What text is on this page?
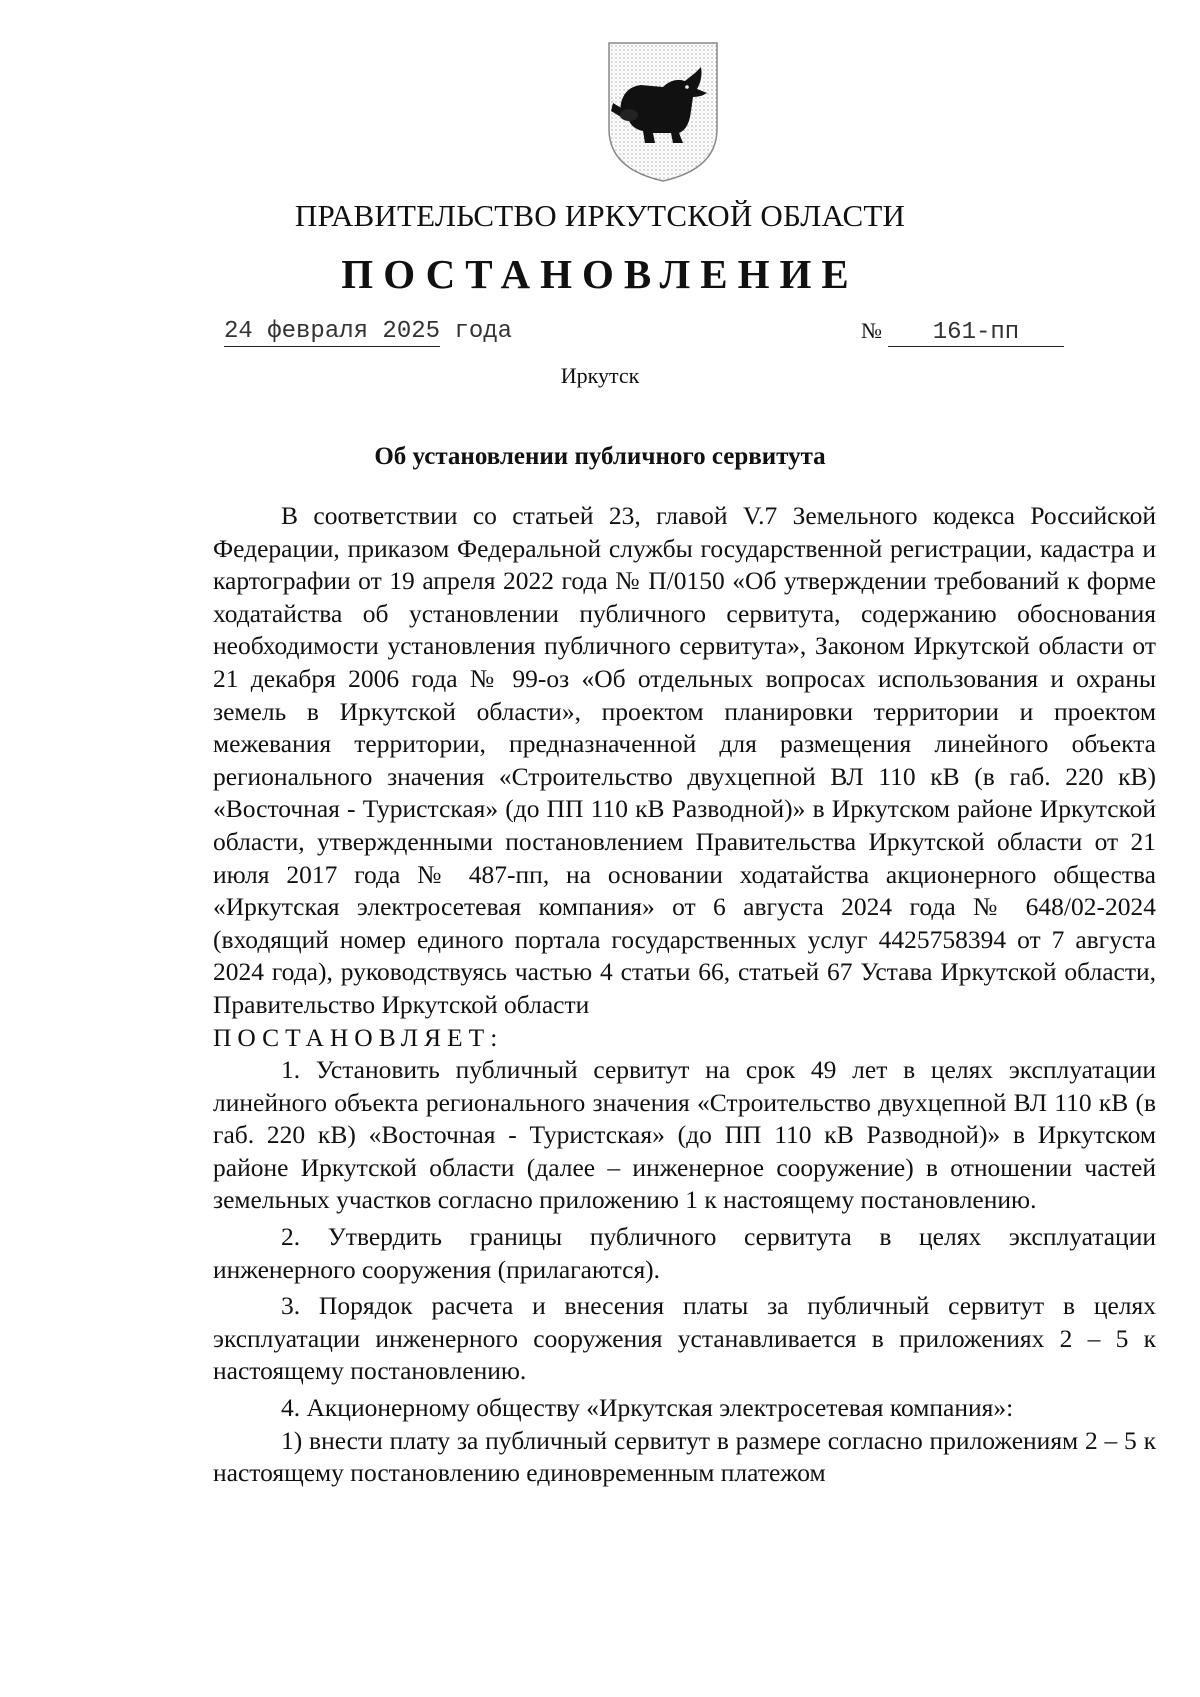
ПРАВИТЕЛЬСТВО ИРКУТСКОЙ ОБЛАСТИ
ПОСТАНОВЛЕНИЕ
24 февраля 2025 года	№ 161-пп
Иркутск
Об установлении публичного сервитута

В соответствии со статьей 23, главой V.7 Земельного кодекса Российской Федерации, приказом Федеральной службы государственной регистрации, кадастра и картографии от 19 апреля 2022 года № П/0150 «Об утверждении требований к форме ходатайства об установлении публичного сервитута, содержанию обоснования необходимости установления публичного сервитута», Законом Иркутской области от 21 декабря 2006 года № 99-оз «Об отдельных вопросах использования и охраны земель в Иркутской области», проектом планировки территории и проектом межевания территории, предназначенной для размещения линейного объекта регионального значения «Строительство двухцепной ВЛ 110 кВ (в габ. 220 кВ) «Восточная - Туристская» (до ПП 110 кВ Разводной)» в Иркутском районе Иркутской области, утвержденными постановлением Правительства Иркутской области от 21 июля 2017 года № 487-пп, на основании ходатайства акционерного общества «Иркутская электросетевая компания» от 6 августа 2024 года № 648/02-2024 (входящий номер единого портала государственных услуг 4425758394 от 7 августа 2024 года), руководствуясь частью 4 статьи 66, статьей 67 Устава Иркутской области, Правительство Иркутской области

ПОСТАНОВЛЯЕТ:

1. Установить публичный сервитут на срок 49 лет в целях эксплуатации линейного объекта регионального значения «Строительство двухцепной ВЛ 110 кВ (в габ. 220 кВ) «Восточная - Туристская» (до ПП 110 кВ Разводной)» в Иркутском районе Иркутской области (далее – инженерное сооружение) в отношении частей земельных участков согласно приложению 1 к настоящему постановлению.

2. Утвердить границы публичного сервитута в целях эксплуатации инженерного сооружения (прилагаются).

3. Порядок расчета и внесения платы за публичный сервитут в целях эксплуатации инженерного сооружения устанавливается в приложениях 2 – 5 к настоящему постановлению.

4. Акционерному обществу «Иркутская электросетевая компания»:

1) внести плату за публичный сервитут в размере согласно приложениям 2 – 5 к настоящему постановлению единовременным платежом
